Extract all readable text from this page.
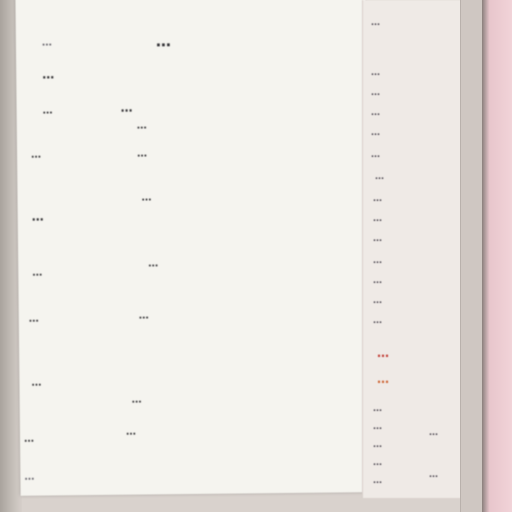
…	…
…
…	…
…
…	…
…
…
…
…
…	…
…
…
…
…
…
…
…
…
…
…
…
…
…
…
…
…
…
…
…
…
…
…
…
…
…
…
…
…
